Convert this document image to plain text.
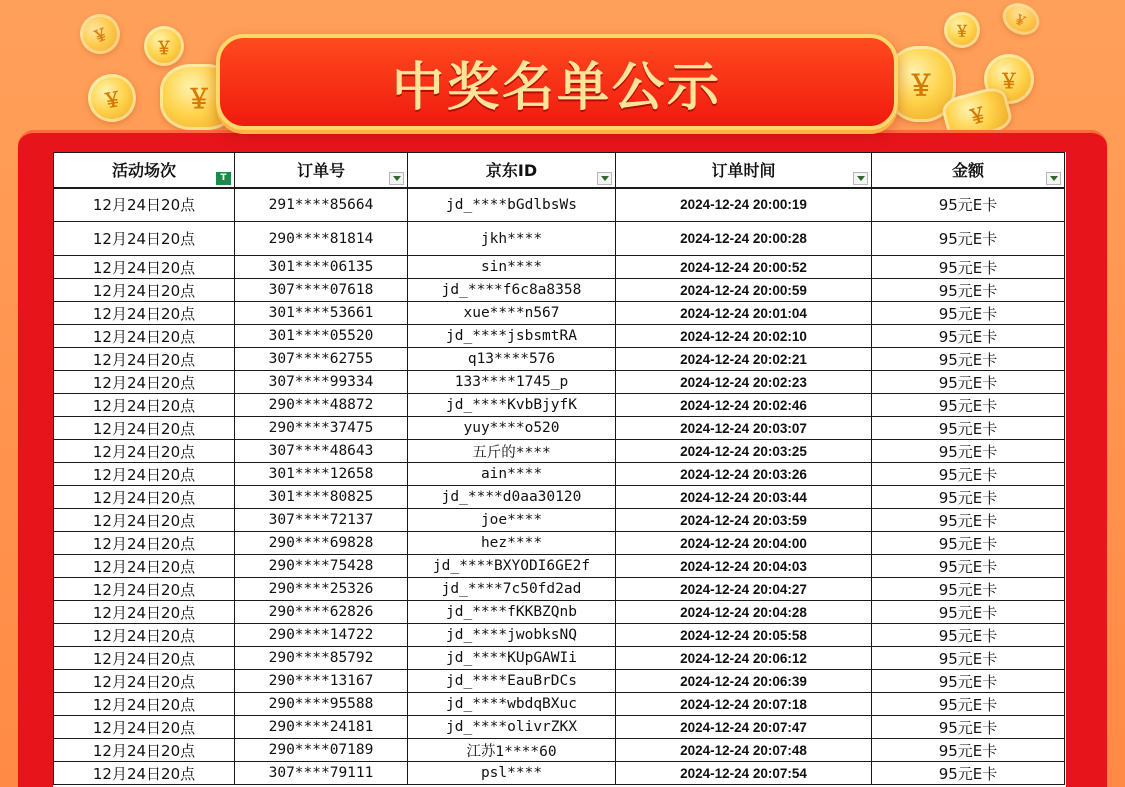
￥
￥
￥ ￥
￥
￥
￥
￥
￥
中奖名单公示
活动场次 T	订单号	京东ID	订单时间	金额

12月24日20点	291****85664	jd_****bGdlbsWs	2024-12-24 20:00:19	95元E卡
12月24日20点	290****81814	jkh****	2024-12-24 20:00:28	95元E卡
12月24日20点	301****06135	sin****	2024-12-24 20:00:52	95元E卡
12月24日20点	307****07618	jd_****f6c8a8358	2024-12-24 20:00:59	95元E卡
12月24日20点	301****53661	xue****n567	2024-12-24 20:01:04	95元E卡
12月24日20点	301****05520	jd_****jsbsmtRA	2024-12-24 20:02:10	95元E卡
12月24日20点	307****62755	q13****576	2024-12-24 20:02:21	95元E卡
12月24日20点	307****99334	133****1745_p	2024-12-24 20:02:23	95元E卡
12月24日20点	290****48872	jd_****KvbBjyfK	2024-12-24 20:02:46	95元E卡
12月24日20点	290****37475	yuy****o520	2024-12-24 20:03:07	95元E卡
12月24日20点	307****48643	五斤的****	2024-12-24 20:03:25	95元E卡
12月24日20点	301****12658	ain****	2024-12-24 20:03:26	95元E卡
12月24日20点	301****80825	jd_****d0aa30120	2024-12-24 20:03:44	95元E卡
12月24日20点	307****72137	joe****	2024-12-24 20:03:59	95元E卡
12月24日20点	290****69828	hez****	2024-12-24 20:04:00	95元E卡
12月24日20点	290****75428	jd_****BXYODI6GE2f	2024-12-24 20:04:03	95元E卡
12月24日20点	290****25326	jd_****7c50fd2ad	2024-12-24 20:04:27	95元E卡
12月24日20点	290****62826	jd_****fKKBZQnb	2024-12-24 20:04:28	95元E卡
12月24日20点	290****14722	jd_****jwobksNQ	2024-12-24 20:05:58	95元E卡
12月24日20点	290****85792	jd_****KUpGAWIi	2024-12-24 20:06:12	95元E卡
12月24日20点	290****13167	jd_****EauBrDCs	2024-12-24 20:06:39	95元E卡
12月24日20点	290****95588	jd_****wbdqBXuc	2024-12-24 20:07:18	95元E卡
12月24日20点	290****24181	jd_****olivrZKX	2024-12-24 20:07:47	95元E卡
12月24日20点	290****07189	江苏1****60	2024-12-24 20:07:48	95元E卡
12月24日20点	307****79111	psl****	2024-12-24 20:07:54	95元E卡
